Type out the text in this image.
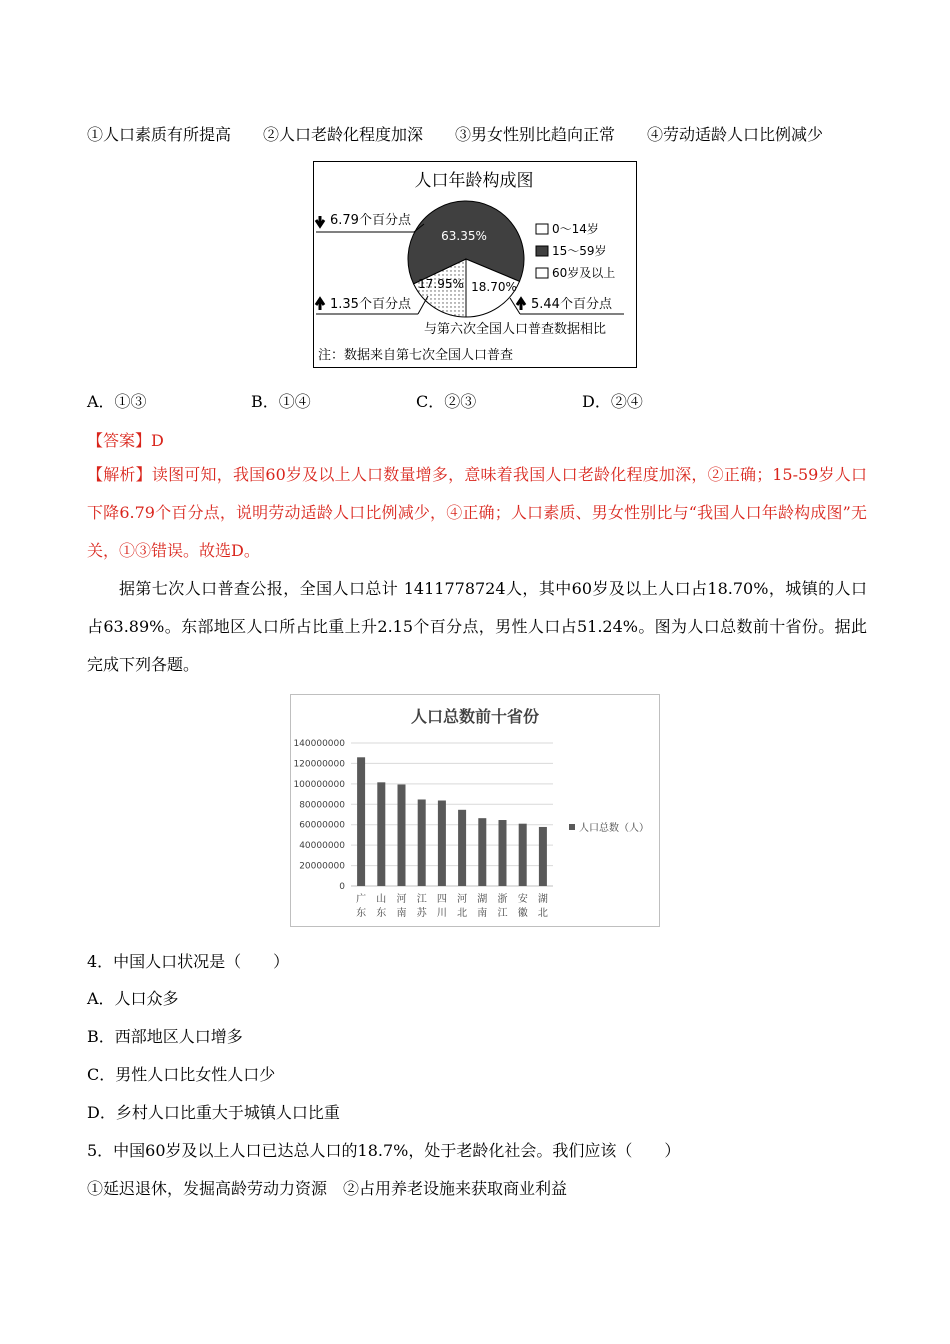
①人口素质有所提高　　②人口老龄化程度加深　　③男女性别比趋向正常　　④劳动适龄人口比例减少
人口年龄构成图
63.35%
17.95% 18.70%
6.79个百分点
1.35个百分点	5.44个百分点
与第六次全国人口普查数据相比
注：数据来自第七次全国人口普查
0～14岁
15～59岁
60岁及以上
A．①③	B．①④	C．②③	D．②④
【答案】D
【解析】读图可知，我国60岁及以上人口数量增多，意味着我国人口老龄化程度加深，②正确；15-59岁人口下降6.79个百分点，说明劳动适龄人口比例减少，④正确；人口素质、男女性别比与“我国人口年龄构成图”无关，①③错误。故选D。
据第七次人口普查公报，全国人口总计 1411778724人，其中60岁及以上人口占18.70%，城镇的人口占63.89%。东部地区人口所占比重上升2.15个百分点，男性人口占51.24%。图为人口总数前十省份。据此完成下列各题。
人口总数前十省份
140000000
120000000
100000000
80000000
60000000
40000000
20000000
0
广
东
山
东
河
南
江
苏
四
川
河
北
湖
南
浙
江
安
徽
湖
北
人口总数（人）
4．中国人口状况是（　　）
A．人口众多
B．西部地区人口增多
C．男性人口比女性人口少
D．乡村人口比重大于城镇人口比重
5．中国60岁及以上人口已达总人口的18.7%，处于老龄化社会。我们应该（　　）
①延迟退休，发掘高龄劳动力资源　②占用养老设施来获取商业利益
